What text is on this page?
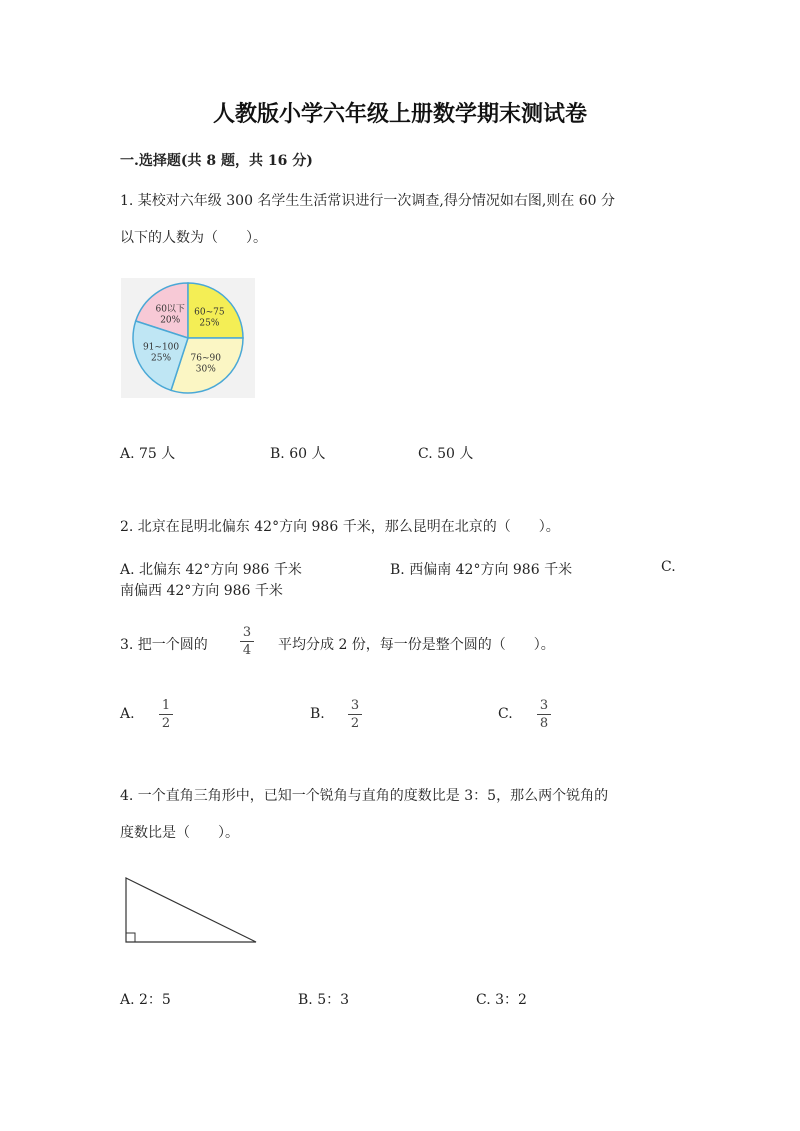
人教版小学六年级上册数学期末测试卷
一.选择题(共 8 题，共 16 分)
1. 某校对六年级 300 名学生生活常识进行一次调查,得分情况如右图,则在 60 分
以下的人数为（　　）。
60以下
20%
60~75
25%
76~90
30%
91~100
25%
A. 75 人	B. 60 人	C. 50 人
2. 北京在昆明北偏东 42°方向 986 千米，那么昆明在北京的（　　）。
A. 北偏东 42°方向 986 千米	B. 西偏南 42°方向 986 千米	C.
南偏西 42°方向 986 千米
3. 把一个圆的
3
4	平均分成 2 份，每一份是整个圆的（　　）。
A.
1
2
B.
3
2
C.
3
8
4. 一个直角三角形中，已知一个锐角与直角的度数比是 3：5，那么两个锐角的
度数比是（　　）。
A. 2：5	B. 5：3	C. 3：2
